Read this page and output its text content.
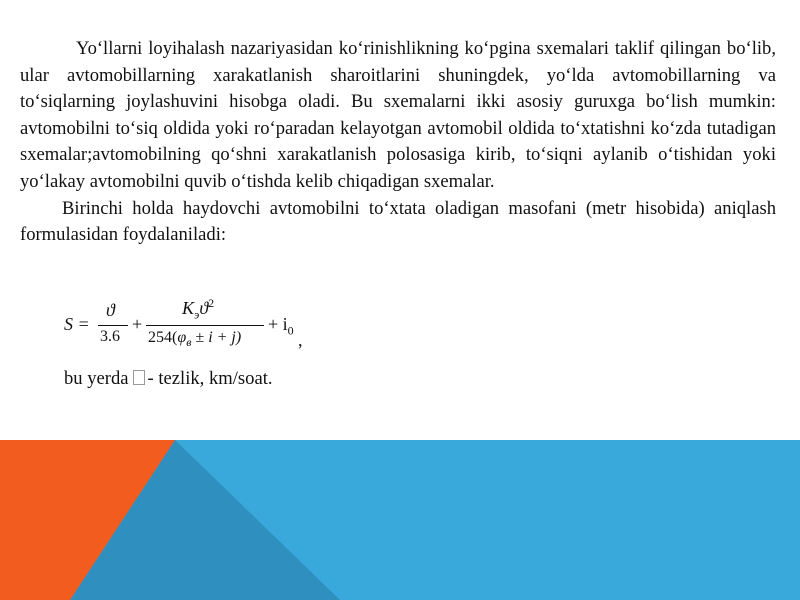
Yo‘llarni loyihalash nazariyasidan ko‘rinishlikning ko‘pgina sxemalari taklif qilingan bo‘lib, ular avtomobillarning xarakatlanish sharoitlarini shuningdek, yo‘lda avtomobillarning va to‘siqlarning joylashuvini hisobga oladi. Bu sxemalarni ikki asosiy guruxga bo‘lish mumkin: avtomobilni to‘siq oldida yoki ro‘paradan kelayotgan avtomobil oldida to‘xtatishni ko‘zda tutadigan sxemalar;avtomobilning qo‘shni xarakatlanish polosasiga kirib, to‘siqni aylanib o‘tishidan yoki yo‘lakay avtomobilni quvib o‘tishda kelib chiqadigan sxemalar.
Birinchi holda haydovchi avtomobilni to‘xtata oladigan masofani (metr hisobida) aniqlash formulasidan foydalaniladi:
S =
ϑ
3.6
+
$K_эϑ^2$
$254(\varphi_в \pm i + j)$
+ $i_0$ ,
bu yerda - tezlik, km/soat.
